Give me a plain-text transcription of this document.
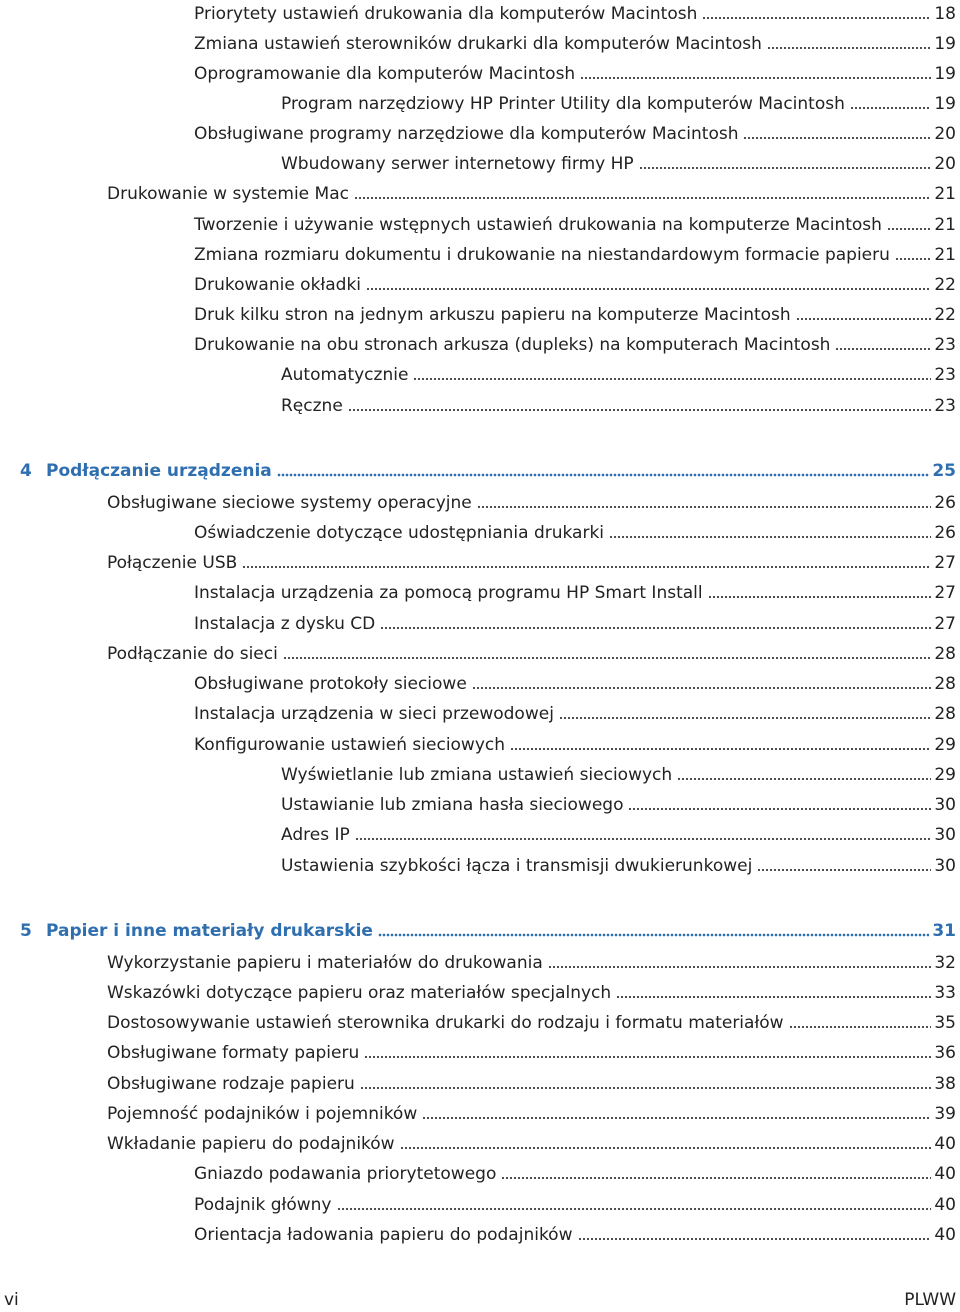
Priorytety ustawień drukowania dla komputerów Macintosh	18
Zmiana ustawień sterowników drukarki dla komputerów Macintosh	19
Oprogramowanie dla komputerów Macintosh	19
Program narzędziowy HP Printer Utility dla komputerów Macintosh	19
Obsługiwane programy narzędziowe dla komputerów Macintosh	20
Wbudowany serwer internetowy firmy HP	20
Drukowanie w systemie Mac	21
Tworzenie i używanie wstępnych ustawień drukowania na komputerze Macintosh	21
Zmiana rozmiaru dokumentu i drukowanie na niestandardowym formacie papieru	21
Drukowanie okładki	22
Druk kilku stron na jednym arkuszu papieru na komputerze Macintosh	22
Drukowanie na obu stronach arkusza (dupleks) na komputerach Macintosh	23
Automatycznie	23
Ręczne	23
4 Podłączanie urządzenia	25
Obsługiwane sieciowe systemy operacyjne	26
Oświadczenie dotyczące udostępniania drukarki	26
Połączenie USB	27
Instalacja urządzenia za pomocą programu HP Smart Install	27
Instalacja z dysku CD	27
Podłączanie do sieci	28
Obsługiwane protokoły sieciowe	28
Instalacja urządzenia w sieci przewodowej	28
Konfigurowanie ustawień sieciowych	29
Wyświetlanie lub zmiana ustawień sieciowych	29
Ustawianie lub zmiana hasła sieciowego	30
Adres IP	30
Ustawienia szybkości łącza i transmisji dwukierunkowej	30
5 Papier i inne materiały drukarskie	31
Wykorzystanie papieru i materiałów do drukowania	32
Wskazówki dotyczące papieru oraz materiałów specjalnych	33
Dostosowywanie ustawień sterownika drukarki do rodzaju i formatu materiałów	35
Obsługiwane formaty papieru	36
Obsługiwane rodzaje papieru	38
Pojemność podajników i pojemników	39
Wkładanie papieru do podajników	40
Gniazdo podawania priorytetowego	40
Podajnik główny	40
Orientacja ładowania papieru do podajników	40
vi	PLWW
